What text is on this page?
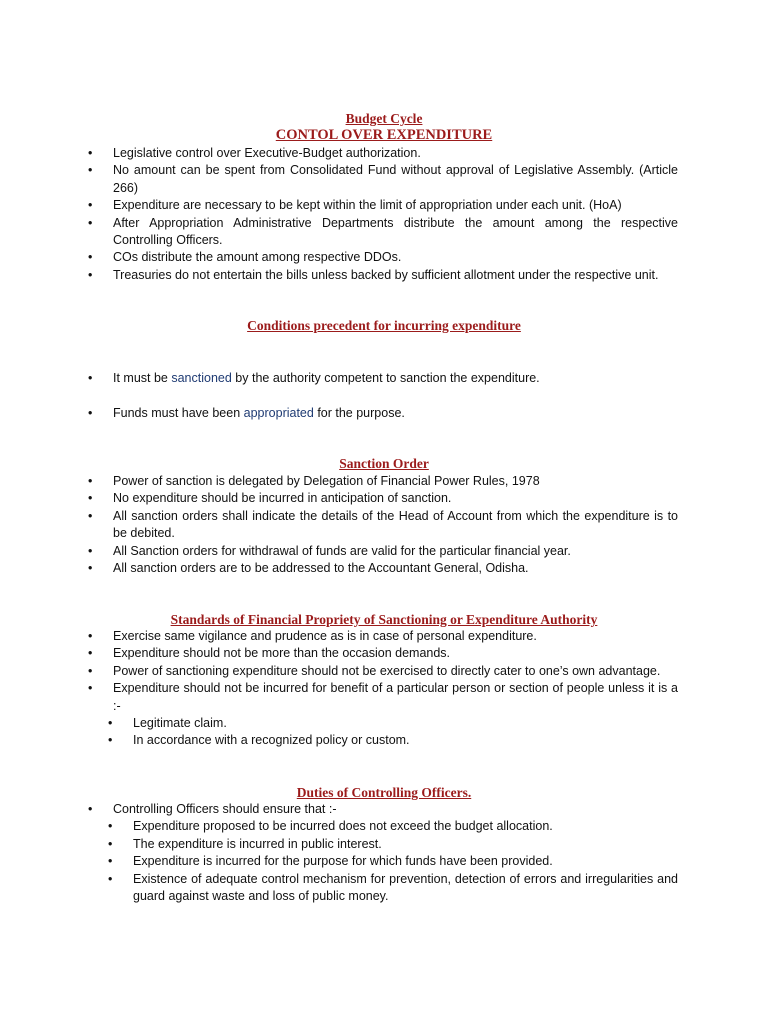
Budget Cycle
CONTOL OVER EXPENDITURE
• Legislative control over Executive-Budget authorization.
• No amount can be spent from Consolidated Fund without approval of Legislative Assembly. (Article 266)
• Expenditure are necessary to be kept within the limit of appropriation under each unit. (HoA)
• After Appropriation Administrative Departments distribute the amount among the respective Controlling Officers.
• COs distribute the amount among respective DDOs.
• Treasuries do not entertain the bills unless backed by sufficient allotment under the respective unit.
Conditions precedent for incurring expenditure
• It must be sanctioned by the authority competent to sanction the expenditure.
• Funds must have been appropriated for the purpose.
Sanction Order
• Power of sanction is delegated by Delegation of Financial Power Rules, 1978
• No expenditure should be incurred in anticipation of sanction.
• All sanction orders shall indicate the details of the Head of Account from which the expenditure is to be debited.
• All Sanction orders for withdrawal of funds are valid for the particular financial year.
• All sanction orders are to be addressed to the Accountant General, Odisha.
Standards of Financial Propriety of Sanctioning or Expenditure Authority
• Exercise same vigilance and prudence as is in case of personal expenditure.
• Expenditure should not be more than the occasion demands.
• Power of sanctioning expenditure should not be exercised to directly cater to one’s own advantage.
• Expenditure should not be incurred for benefit of a particular person or section of people unless it is a :-
• Legitimate claim.
• In accordance with a recognized policy or custom.
Duties of Controlling Officers.
• Controlling Officers should ensure that :-
• Expenditure proposed to be incurred does not exceed the budget allocation.
• The expenditure is incurred in public interest.
• Expenditure is incurred for the purpose for which funds have been provided.
• Existence of adequate control mechanism for prevention, detection of errors and irregularities and guard against waste and loss of public money.
